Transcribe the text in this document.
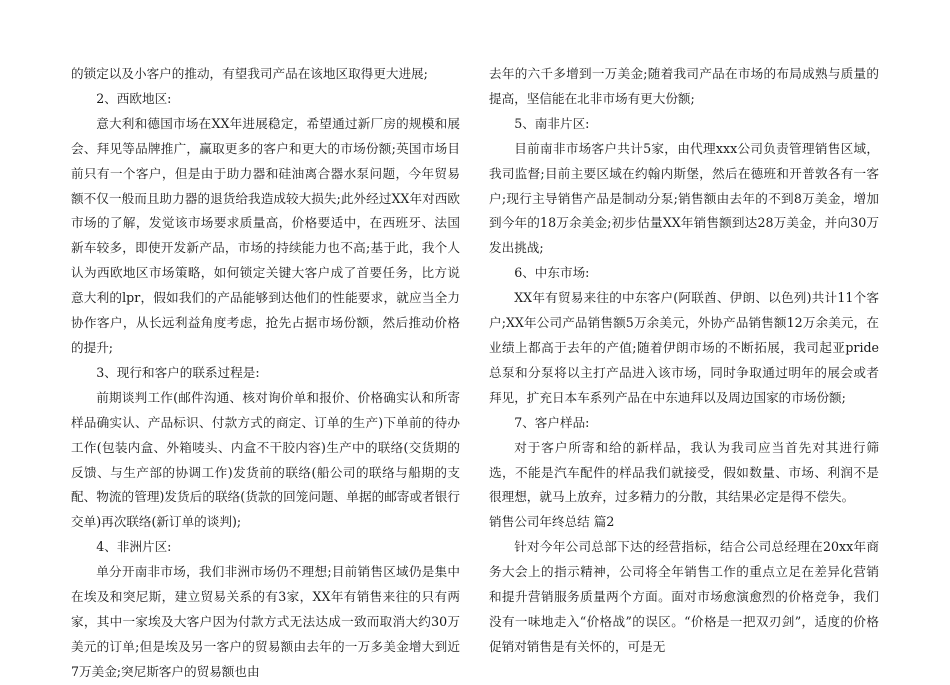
的锁定以及小客户的推动，有望我司产品在该地区取得更大进展;

2、西欧地区:

意大利和德国市场在XX年进展稳定，希望通过新厂房的规模和展会、拜见等品牌推广，赢取更多的客户和更大的市场份额;英国市场目前只有一个客户，但是由于助力器和硅油离合器水泵问题，今年贸易额不仅一般而且助力器的退货给我造成较大损失;此外经过XX年对西欧市场的了解，发觉该市场要求质量高，价格要适中，在西班牙、法国新车较多，即使开发新产品，市场的持续能力也不高;基于此，我个人认为西欧地区市场策略，如何锁定关键大客户成了首要任务，比方说意大利的lpr，假如我们的产品能够到达他们的性能要求，就应当全力协作客户，从长远利益角度考虑，抢先占据市场份额，然后推动价格的提升;

3、现行和客户的联系过程是:

前期谈判工作(邮件沟通、核对询价单和报价、价格确实认和所寄样品确实认、产品标识、付款方式的商定、订单的生产)下单前的待办工作(包装内盒、外箱唛头、内盒不干胶内容)生产中的联络(交货期的反馈、与生产部的协调工作)发货前的联络(船公司的联络与船期的支配、物流的管理)发货后的联络(货款的回笼问题、单据的邮寄或者银行交单)再次联络(新订单的谈判);

4、非洲片区:

单分开南非市场，我们非洲市场仍不理想;目前销售区域仍是集中在埃及和突尼斯，建立贸易关系的有3家，XX年有销售来往的只有两家，其中一家埃及大客户因为付款方式无法达成一致而取消大约30万美元的订单;但是埃及另一客户的贸易额由去年的一万多美金增大到近7万美金;突尼斯客户的贸易额也由

去年的六千多增到一万美金;随着我司产品在市场的布局成熟与质量的提高，坚信能在北非市场有更大份额;

5、南非片区:

目前南非市场客户共计5家，由代理xxx公司负责管理销售区域，我司监督;目前主要区域在约翰内斯堡，然后在德班和开普敦各有一客户;现行主导销售产品是制动分泵;销售额由去年的不到8万美金，增加到今年的18万余美金;初步估量XX年销售额到达28万美金，并向30万发出挑战;

6、中东市场:

XX年有贸易来往的中东客户(阿联酋、伊朗、以色列)共计11个客户;XX年公司产品销售额5万余美元，外协产品销售额12万余美元，在业绩上都高于去年的产值;随着伊朗市场的不断拓展，我司起亚pride总泵和分泵将以主打产品进入该市场，同时争取通过明年的展会或者拜见，扩充日本车系列产品在中东迪拜以及周边国家的市场份额;

7、客户样品:

对于客户所寄和给的新样品，我认为我司应当首先对其进行筛选，不能是汽车配件的样品我们就接受，假如数量、市场、利润不是很理想，就马上放弃，过多精力的分散，其结果必定是得不偿失。

销售公司年终总结 篇2

针对今年公司总部下达的经营指标，结合公司总经理在20xx年商务大会上的指示精神，公司将全年销售工作的重点立足在差异化营销和提升营销服务质量两个方面。面对市场愈演愈烈的价格竞争，我们没有一味地走入“价格战”的误区。“价格是一把双刃剑”，适度的价格促销对销售是有关怀的，可是无
